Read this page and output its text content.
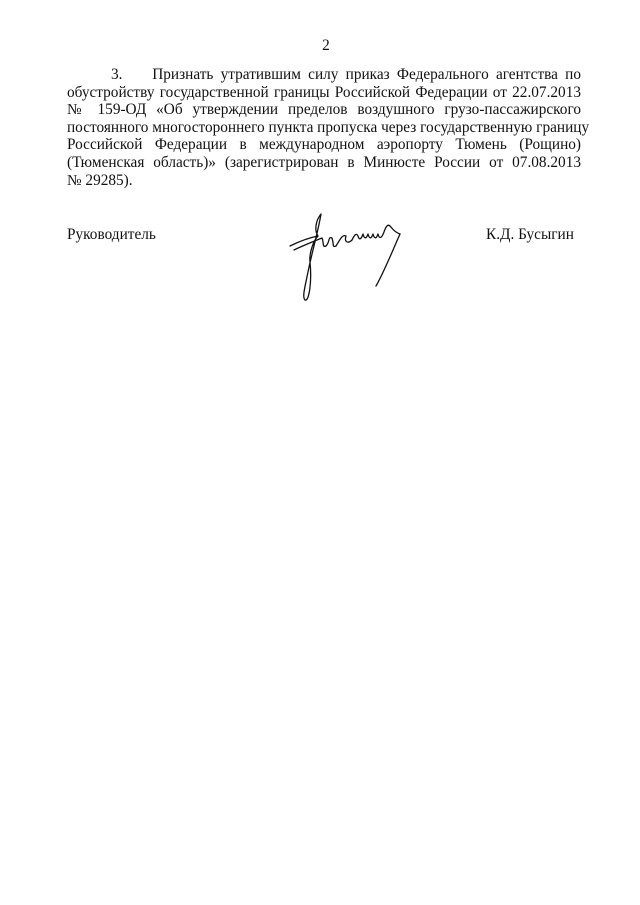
2
3. Признать утратившим силу приказ Федерального агентства по
обустройству государственной границы Российской Федерации от 22.07.2013
№ 159-ОД «Об утверждении пределов воздушного грузо-пассажирского
постоянного многостороннего пункта пропуска через государственную границу
Российской Федерации в международном аэропорту Тюмень (Рощино)
(Тюменская область)» (зарегистрирован в Минюсте России от 07.08.2013
№ 29285).
Руководитель	К.Д. Бусыгин
